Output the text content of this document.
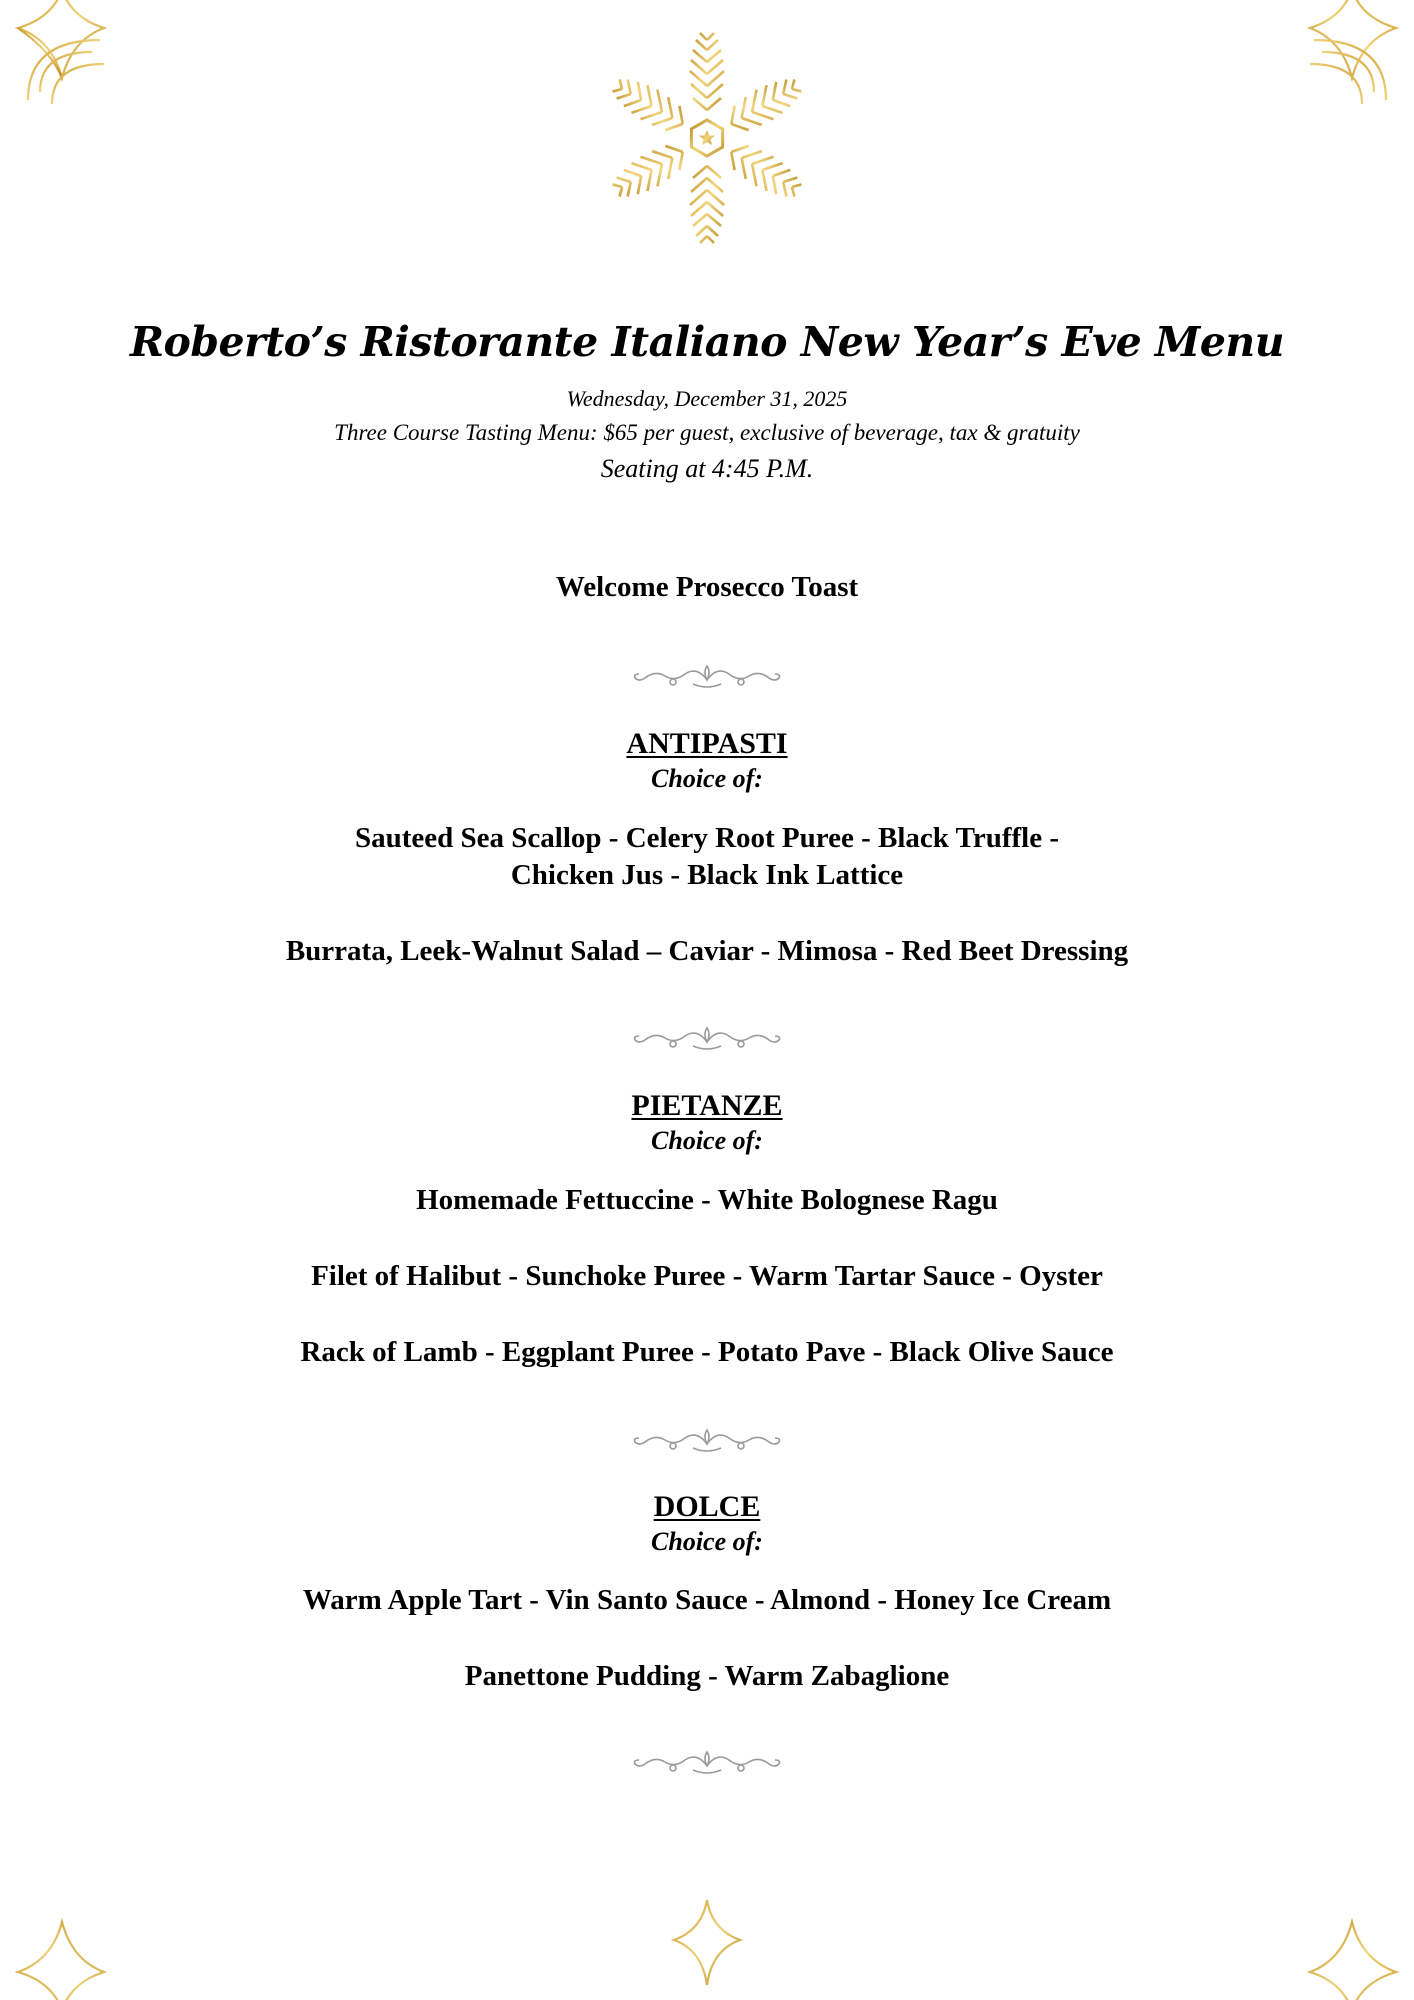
Roberto’s Ristorante Italiano New Year’s Eve Menu
Wednesday, December 31, 2025
Three Course Tasting Menu: $65 per guest, exclusive of beverage, tax & gratuity
Seating at 4:45 P.M.
Welcome Prosecco Toast
ANTIPASTI
Choice of:
Sauteed Sea Scallop - Celery Root Puree - Black Truffle -
Chicken Jus - Black Ink Lattice
Burrata, Leek-Walnut Salad – Caviar - Mimosa - Red Beet Dressing
PIETANZE
Choice of:
Homemade Fettuccine - White Bolognese Ragu
Filet of Halibut - Sunchoke Puree - Warm Tartar Sauce - Oyster
Rack of Lamb - Eggplant Puree - Potato Pave - Black Olive Sauce
DOLCE
Choice of:
Warm Apple Tart - Vin Santo Sauce - Almond - Honey Ice Cream
Panettone Pudding - Warm Zabaglione
